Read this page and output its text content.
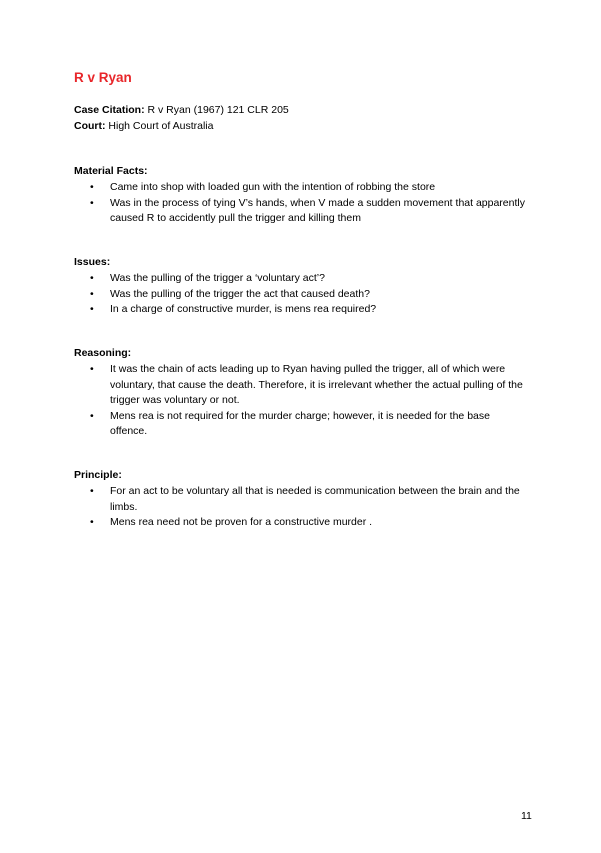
R v Ryan

Case Citation: R v Ryan (1967) 121 CLR 205

Court: High Court of Australia

Material Facts:

• Came into shop with loaded gun with the intention of robbing the store
• Was in the process of tying V’s hands, when V made a sudden movement that apparently caused R to accidently pull the trigger and killing them

Issues:

• Was the pulling of the trigger a ‘voluntary act’?
• Was the pulling of the trigger the act that caused death?
• In a charge of constructive murder, is mens rea required?

Reasoning:

• It was the chain of acts leading up to Ryan having pulled the trigger, all of which were voluntary, that cause the death. Therefore, it is irrelevant whether the actual pulling of the trigger was voluntary or not.
• Mens rea is not required for the murder charge; however, it is needed for the base offence.

Principle:

• For an act to be voluntary all that is needed is communication between the brain and the limbs.
• Mens rea need not be proven for a constructive murder .

11
